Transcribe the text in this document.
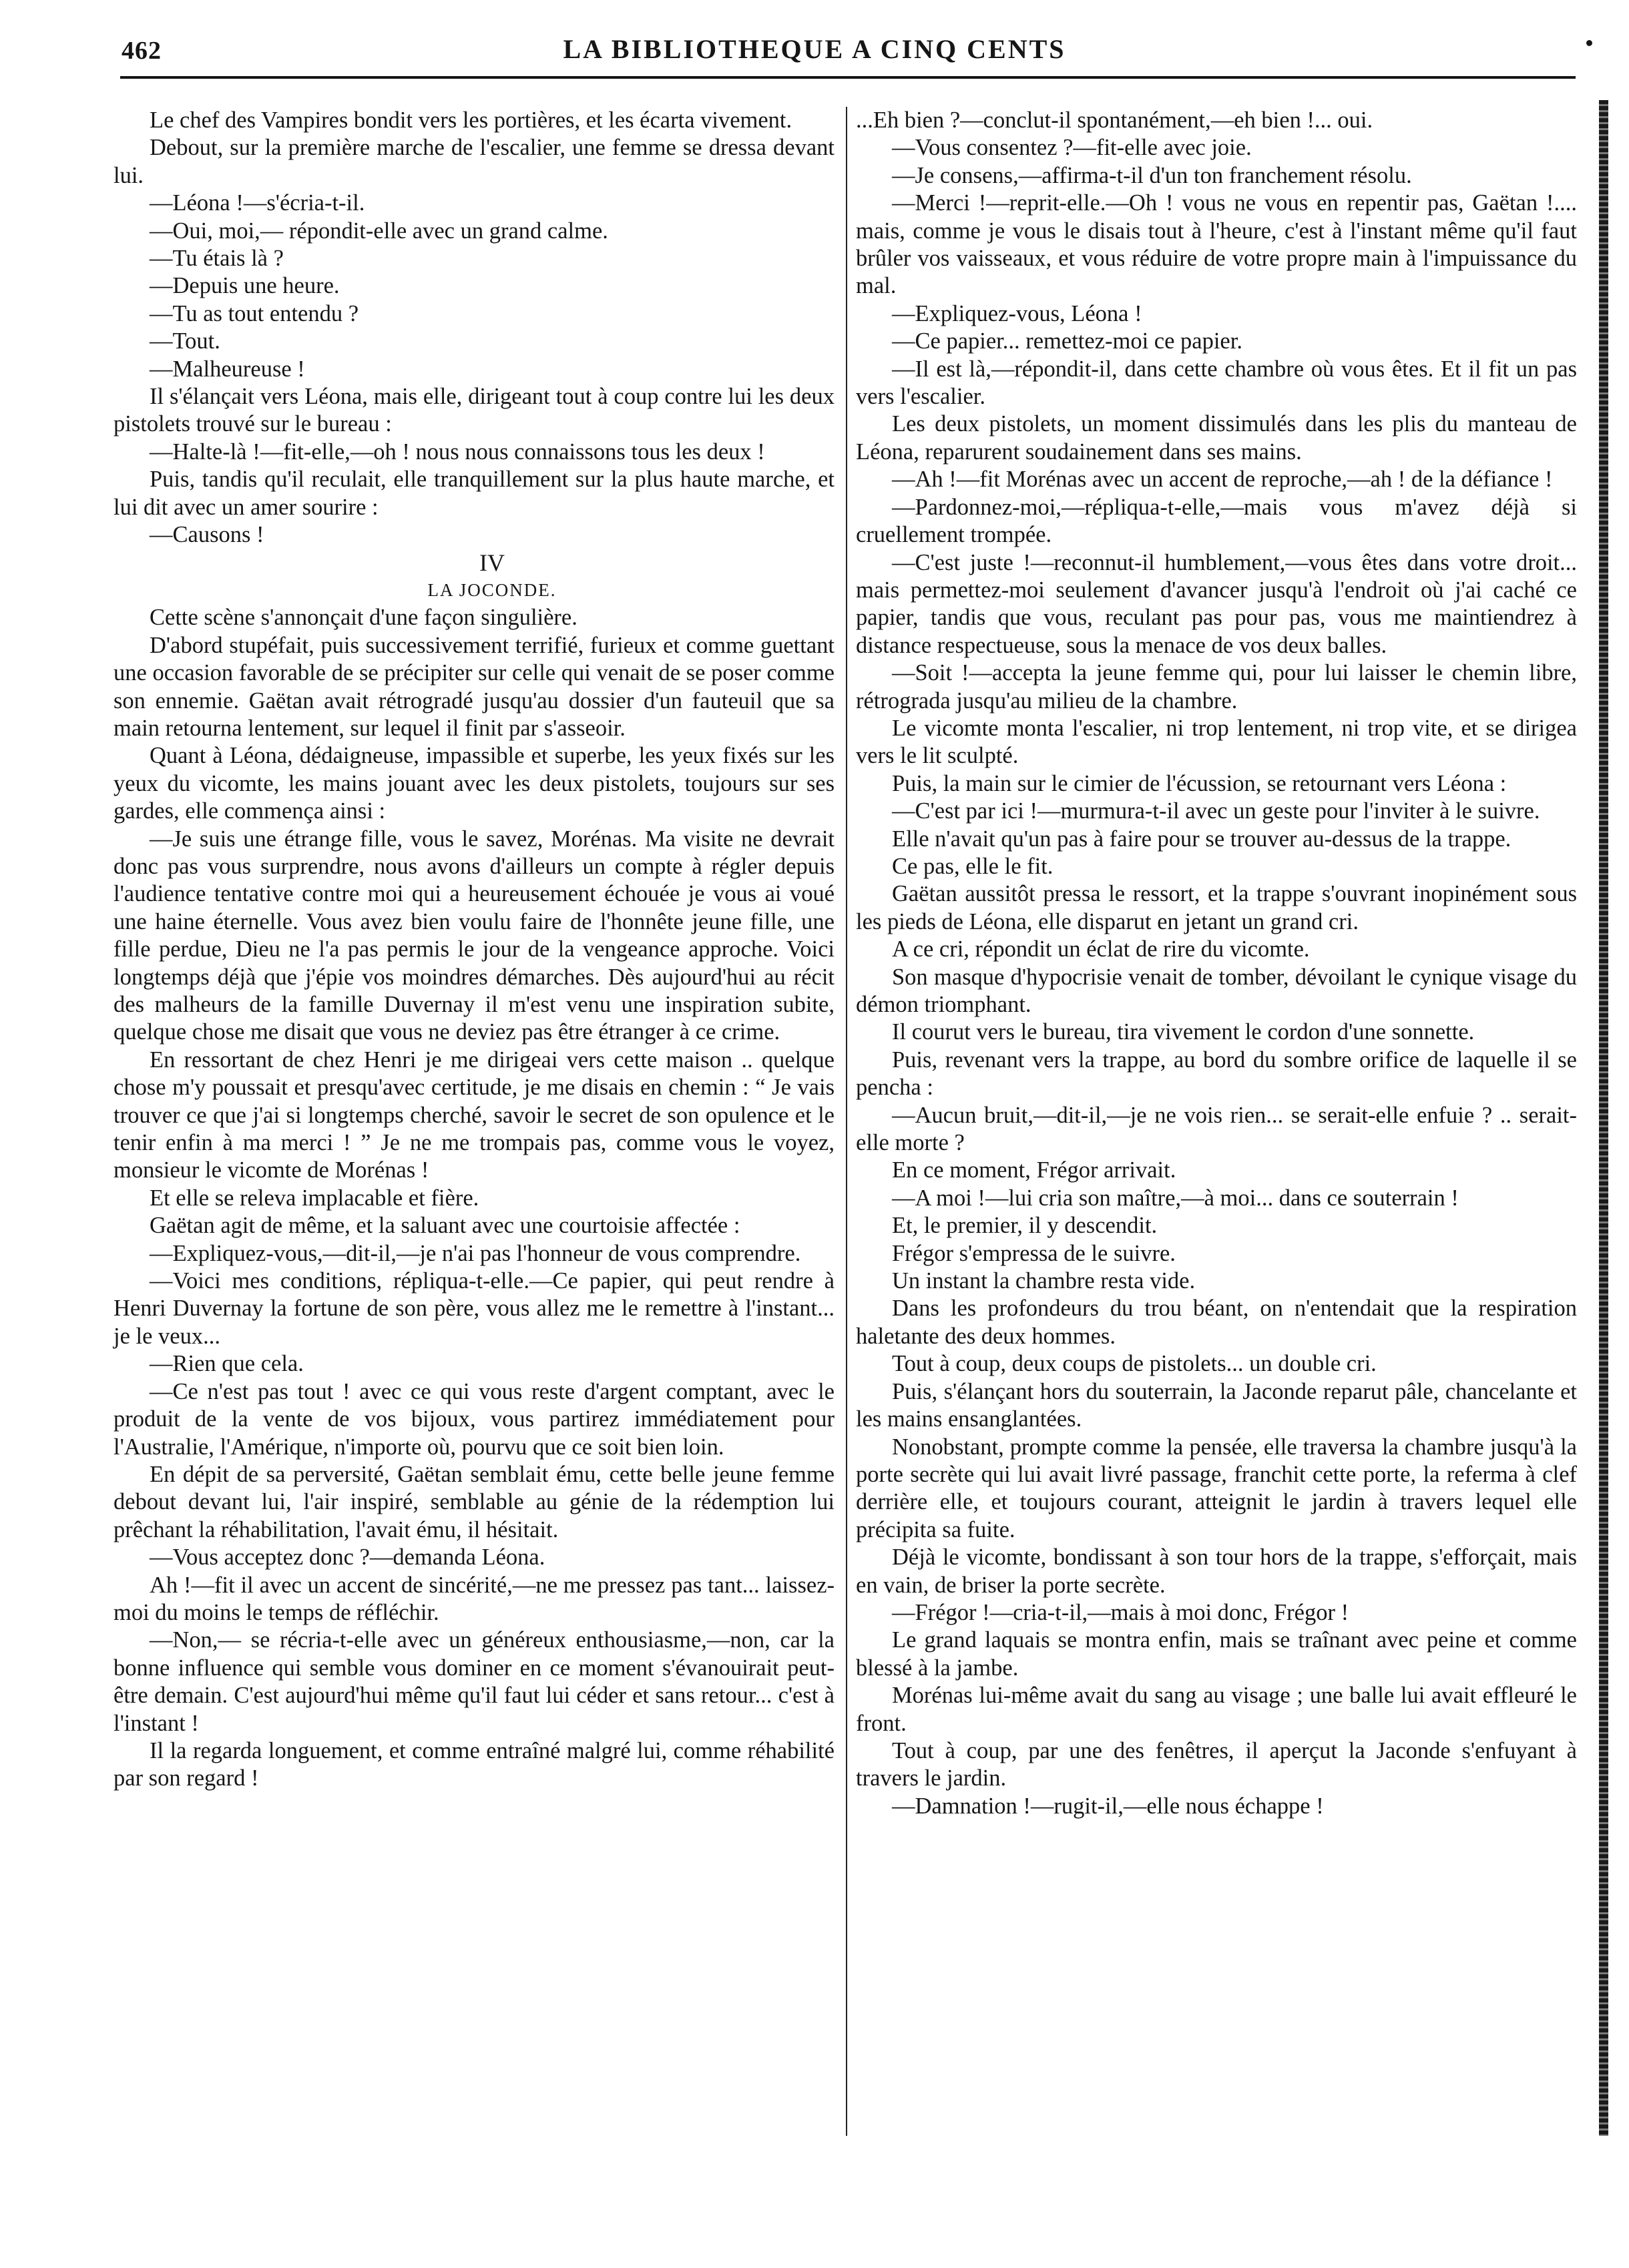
462	LA BIBLIOTHEQUE A CINQ CENTS

Le chef des Vampires bondit vers les portières, et les écarta vivement.

Debout, sur la première marche de l'escalier, une femme se dressa devant lui.

—Léona !—s'écria-t-il.

—Oui, moi,— répondit-elle avec un grand calme.

—Tu étais là ?

—Depuis une heure.

—Tu as tout entendu ?

—Tout.

—Malheureuse !

Il s'élançait vers Léona, mais elle, dirigeant tout à coup contre lui les deux pistolets trouvé sur le bureau :

—Halte-là !—fit-elle,—oh ! nous nous connaissons tous les deux !

Puis, tandis qu'il reculait, elle tranquillement sur la plus haute marche, et lui dit avec un amer sourire :

—Causons !

IV

LA JOCONDE.

Cette scène s'annonçait d'une façon singulière.

D'abord stupéfait, puis successivement terrifié, furieux et comme guettant une occasion favorable de se précipiter sur celle qui venait de se poser comme son ennemie. Gaëtan avait rétrogradé jusqu'au dossier d'un fauteuil que sa main retourna lentement, sur lequel il finit par s'asseoir.

Quant à Léona, dédaigneuse, impassible et superbe, les yeux fixés sur les yeux du vicomte, les mains jouant avec les deux pistolets, toujours sur ses gardes, elle commença ainsi :

—Je suis une étrange fille, vous le savez, Morénas. Ma visite ne devrait donc pas vous surprendre, nous avons d'ailleurs un compte à régler depuis l'audience tentative contre moi qui a heureusement échouée je vous ai voué une haine éternelle. Vous avez bien voulu faire de l'honnête jeune fille, une fille perdue, Dieu ne l'a pas permis le jour de la vengeance approche. Voici longtemps déjà que j'épie vos moindres démarches. Dès aujourd'hui au récit des malheurs de la famille Duvernay il m'est venu une inspiration subite, quelque chose me disait que vous ne deviez pas être étranger à ce crime.

En ressortant de chez Henri je me dirigeai vers cette maison .. quelque chose m'y poussait et presqu'avec certitude, je me disais en chemin : “ Je vais trouver ce que j'ai si longtemps cherché, savoir le secret de son opulence et le tenir enfin à ma merci ! ” Je ne me trompais pas, comme vous le voyez, monsieur le vicomte de Morénas !

Et elle se releva implacable et fière.

Gaëtan agit de même, et la saluant avec une courtoisie affectée :

—Expliquez-vous,—dit-il,—je n'ai pas l'honneur de vous comprendre.

—Voici mes conditions, répliqua-t-elle.—Ce papier, qui peut rendre à Henri Duvernay la fortune de son père, vous allez me le remettre à l'instant... je le veux...

—Rien que cela.

—Ce n'est pas tout ! avec ce qui vous reste d'argent comptant, avec le produit de la vente de vos bijoux, vous partirez immédiatement pour l'Australie, l'Amérique, n'importe où, pourvu que ce soit bien loin.

En dépit de sa perversité, Gaëtan semblait ému, cette belle jeune femme debout devant lui, l'air inspiré, semblable au génie de la rédemption lui prêchant la réhabilitation, l'avait ému, il hésitait.

—Vous acceptez donc ?—demanda Léona.

Ah !—fit il avec un accent de sincérité,—ne me pressez pas tant... laissez-moi du moins le temps de réfléchir.

—Non,— se récria-t-elle avec un généreux enthousiasme,—non, car la bonne influence qui semble vous dominer en ce moment s'évanouirait peut-être demain. C'est aujourd'hui même qu'il faut lui céder et sans retour... c'est à l'instant !

Il la regarda longuement, et comme entraîné malgré lui, comme réhabilité par son regard !

...Eh bien ?—conclut-il spontanément,—eh bien !... oui.

—Vous consentez ?—fit-elle avec joie.

—Je consens,—affirma-t-il d'un ton franchement résolu.

—Merci !—reprit-elle.—Oh ! vous ne vous en repentir pas, Gaëtan !.... mais, comme je vous le disais tout à l'heure, c'est à l'instant même qu'il faut brûler vos vaisseaux, et vous réduire de votre propre main à l'impuissance du mal.

—Expliquez-vous, Léona !

—Ce papier... remettez-moi ce papier.

—Il est là,—répondit-il, dans cette chambre où vous êtes. Et il fit un pas vers l'escalier.

Les deux pistolets, un moment dissimulés dans les plis du manteau de Léona, reparurent soudainement dans ses mains.

—Ah !—fit Morénas avec un accent de reproche,—ah ! de la défiance !

—Pardonnez-moi,—répliqua-t-elle,—mais vous m'avez déjà si cruellement trompée.

—C'est juste !—reconnut-il humblement,—vous êtes dans votre droit... mais permettez-moi seulement d'avancer jusqu'à l'endroit où j'ai caché ce papier, tandis que vous, reculant pas pour pas, vous me maintiendrez à distance respectueuse, sous la menace de vos deux balles.

—Soit !—accepta la jeune femme qui, pour lui laisser le chemin libre, rétrograda jusqu'au milieu de la chambre.

Le vicomte monta l'escalier, ni trop lentement, ni trop vite, et se dirigea vers le lit sculpté.

Puis, la main sur le cimier de l'écussion, se retournant vers Léona :

—C'est par ici !—murmura-t-il avec un geste pour l'inviter à le suivre.

Elle n'avait qu'un pas à faire pour se trouver au-dessus de la trappe.

Ce pas, elle le fit.

Gaëtan aussitôt pressa le ressort, et la trappe s'ouvrant inopinément sous les pieds de Léona, elle disparut en jetant un grand cri.

A ce cri, répondit un éclat de rire du vicomte.

Son masque d'hypocrisie venait de tomber, dévoilant le cynique visage du démon triomphant.

Il courut vers le bureau, tira vivement le cordon d'une sonnette.

Puis, revenant vers la trappe, au bord du sombre orifice de laquelle il se pencha :

—Aucun bruit,—dit-il,—je ne vois rien... se serait-elle enfuie ? .. serait-elle morte ?

En ce moment, Frégor arrivait.

—A moi !—lui cria son maître,—à moi... dans ce souterrain !

Et, le premier, il y descendit.

Frégor s'empressa de le suivre.

Un instant la chambre resta vide.

Dans les profondeurs du trou béant, on n'entendait que la respiration haletante des deux hommes.

Tout à coup, deux coups de pistolets... un double cri.

Puis, s'élançant hors du souterrain, la Jaconde reparut pâle, chancelante et les mains ensanglantées.

Nonobstant, prompte comme la pensée, elle traversa la chambre jusqu'à la porte secrète qui lui avait livré passage, franchit cette porte, la referma à clef derrière elle, et toujours courant, atteignit le jardin à travers lequel elle précipita sa fuite.

Déjà le vicomte, bondissant à son tour hors de la trappe, s'efforçait, mais en vain, de briser la porte secrète.

—Frégor !—cria-t-il,—mais à moi donc, Frégor !

Le grand laquais se montra enfin, mais se traînant avec peine et comme blessé à la jambe.

Morénas lui-même avait du sang au visage ; une balle lui avait effleuré le front.

Tout à coup, par une des fenêtres, il aperçut la Jaconde s'enfuyant à travers le jardin.

—Damnation !—rugit-il,—elle nous échappe !
